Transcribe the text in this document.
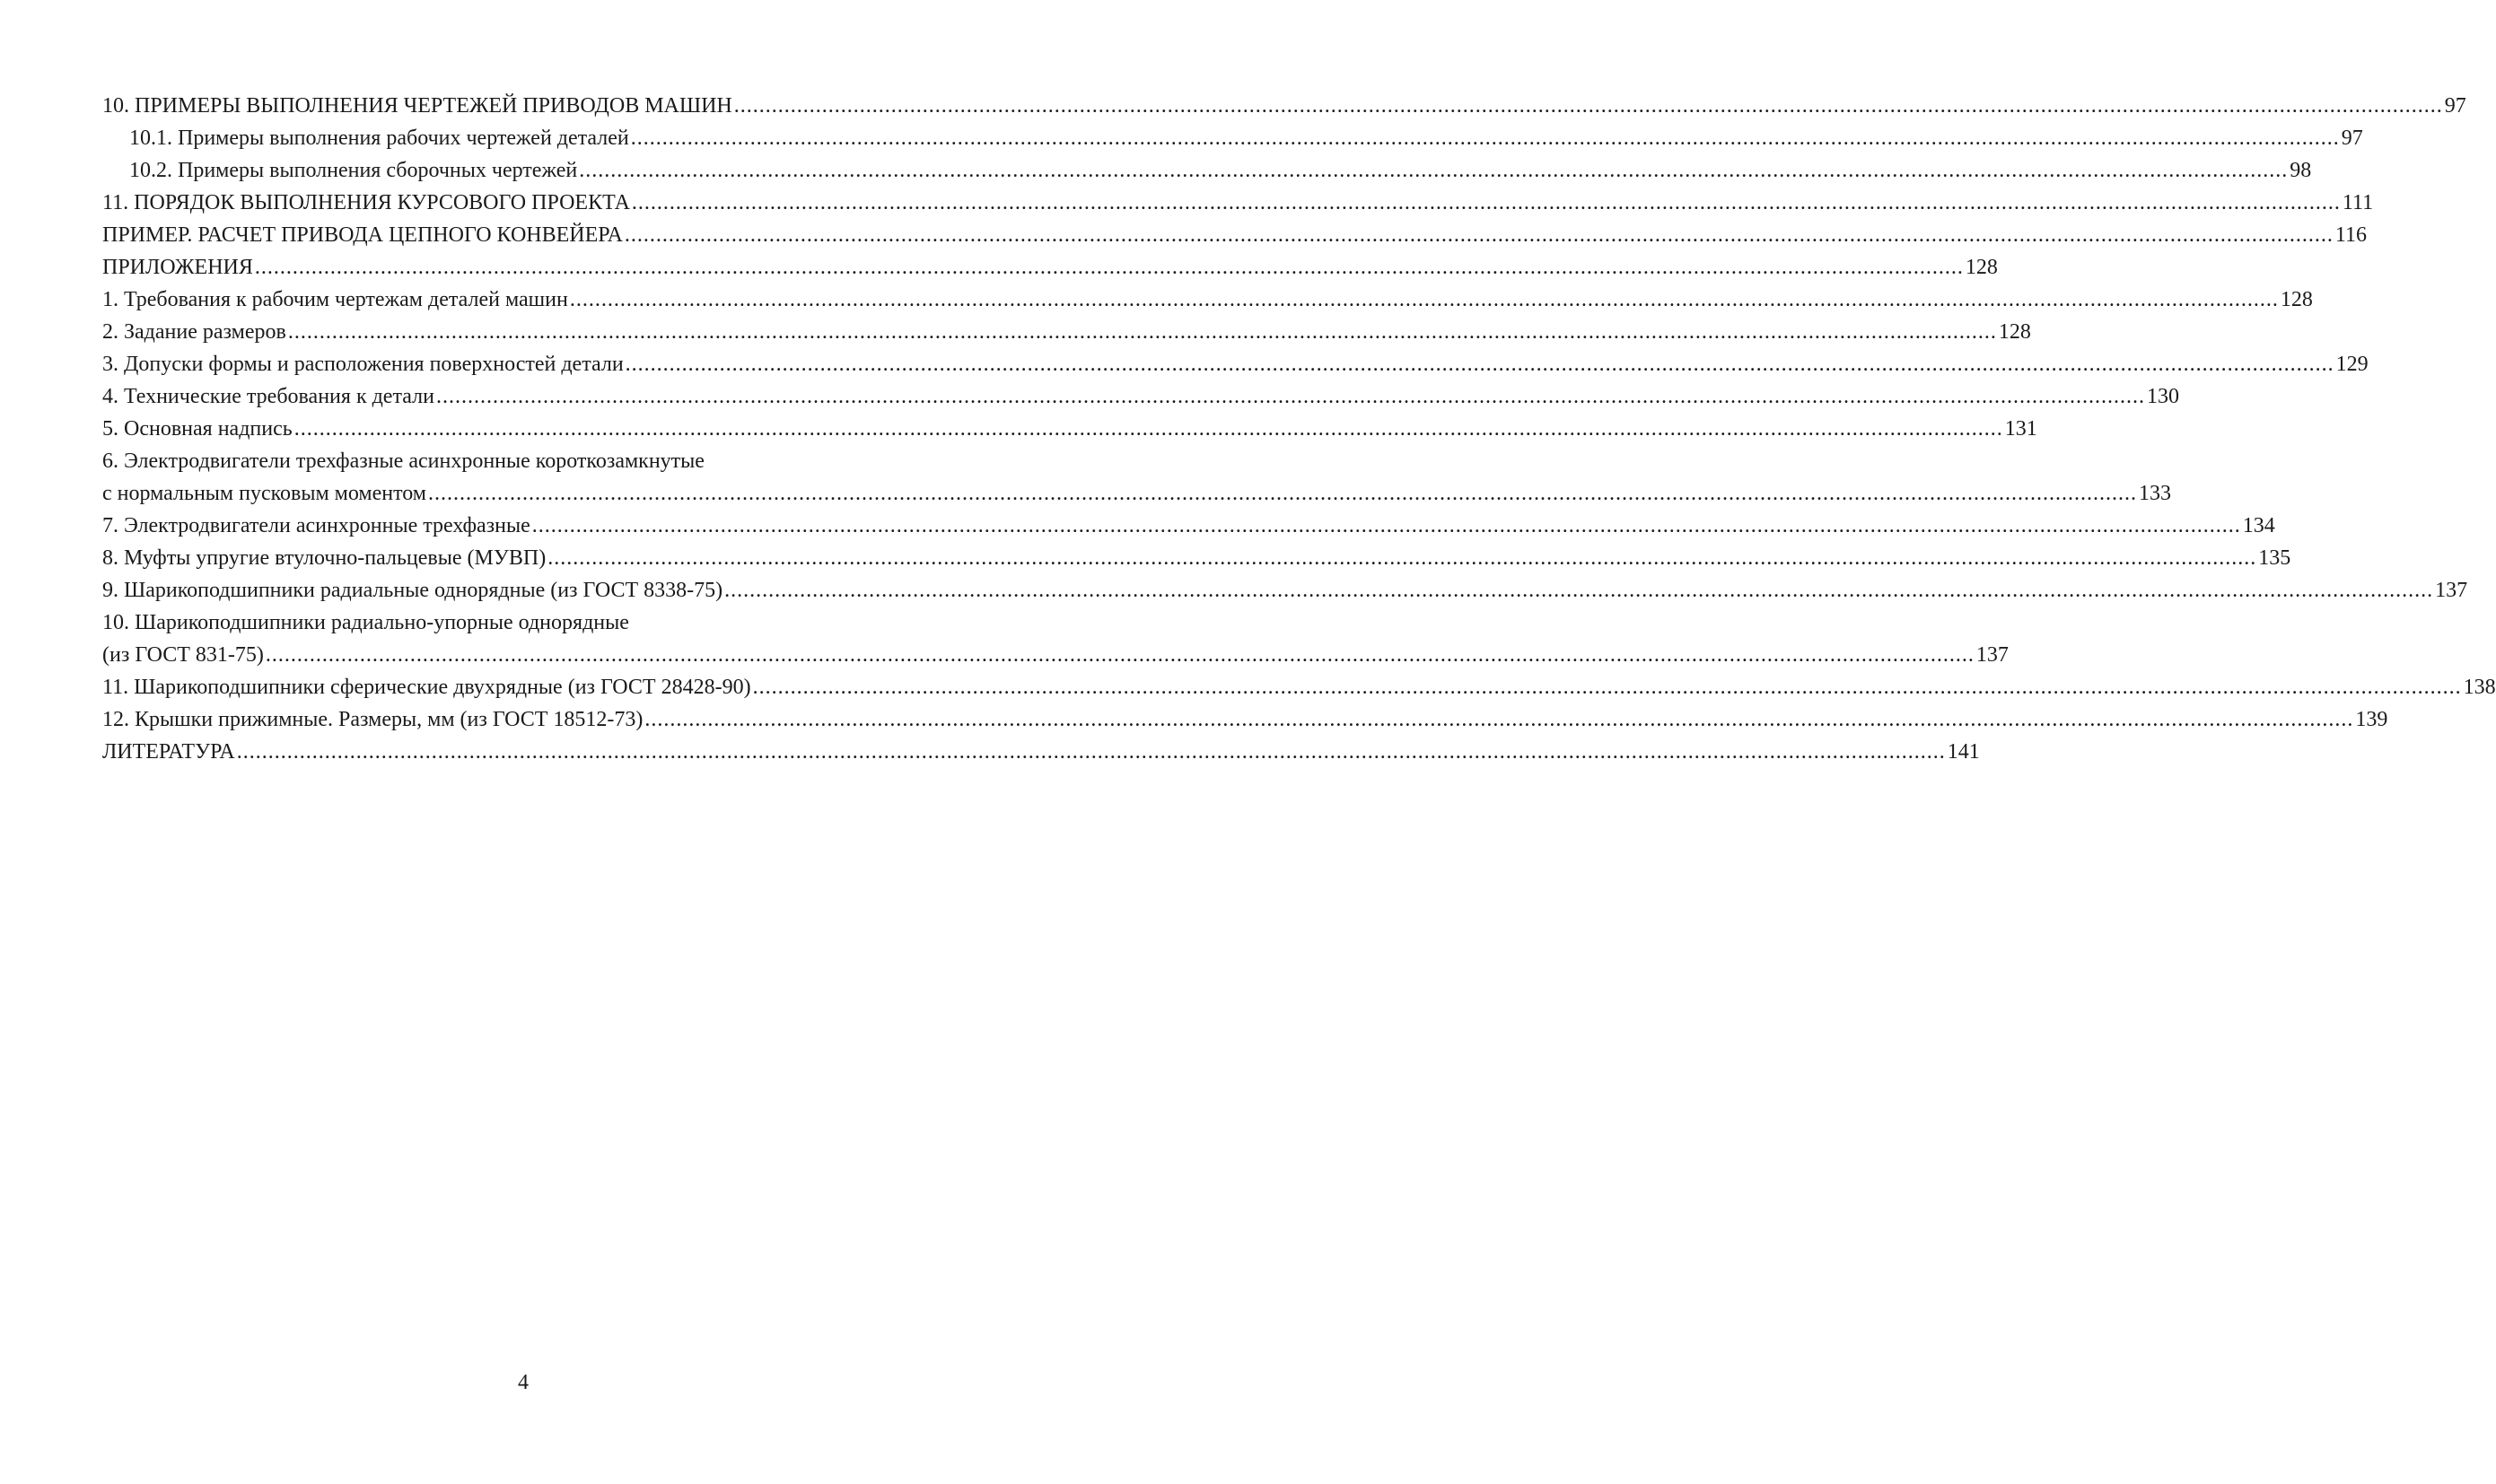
10. ПРИМЕРЫ ВЫПОЛНЕНИЯ ЧЕРТЕЖЕЙ ПРИВОДОВ МАШИН .....	97
10.1. Примеры выполнения рабочих чертежей деталей .....	97
10.2. Примеры выполнения сборочных чертежей .....	98
11. ПОРЯДОК ВЫПОЛНЕНИЯ КУРСОВОГО ПРОЕКТА .....	111
ПРИМЕР. РАСЧЕТ ПРИВОДА ЦЕПНОГО КОНВЕЙЕРА .....	116
ПРИЛОЖЕНИЯ .....	128
1. Требования к рабочим чертежам деталей машин .....	128
2. Задание размеров .....	128
3. Допуски формы и расположения поверхностей детали .....	129
4. Технические требования к детали .....	130
5. Основная надпись .....	131
6. Электродвигатели трехфазные асинхронные короткозамкнутые
с нормальным пусковым моментом .....	133
7. Электродвигатели асинхронные трехфазные .....	134
8. Муфты упругие втулочно-пальцевые (МУВП) .....	135
9. Шарикоподшипники радиальные однорядные (из ГОСТ 8338-75) .....	137
10. Шарикоподшипники радиально-упорные однорядные
(из ГОСТ 831-75) .....	137
11. Шарикоподшипники сферические двухрядные (из ГОСТ 28428-90) .....	138
12. Крышки прижимные. Размеры, мм (из ГОСТ 18512-73) .....	139
ЛИТЕРАТУРА .....	141
4
